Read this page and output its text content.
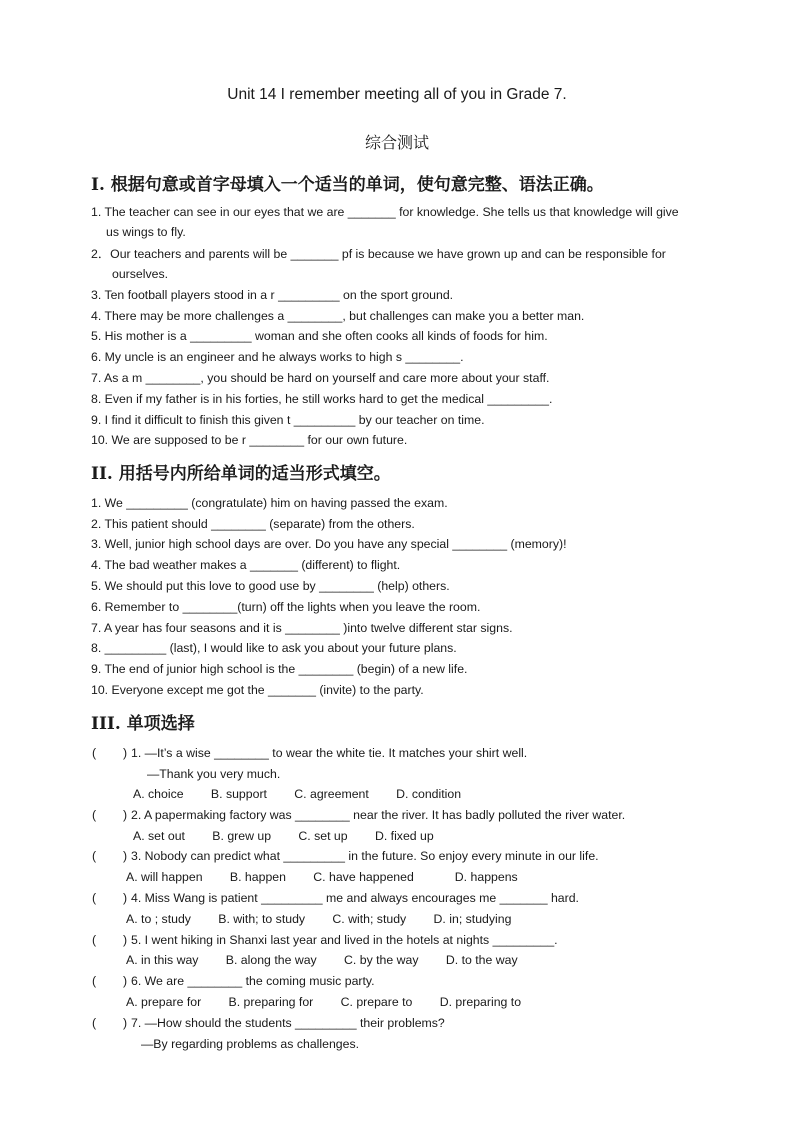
Unit 14 I remember meeting all of you in Grade 7.
综合测试
I. 根据句意或首字母填入一个适当的单词，使句意完整、语法正确。
1. The teacher can see in our eyes that we are _______ for knowledge. She tells us that knowledge will give
us wings to fly.
2．Our teachers and parents will be _______ pf is because we have grown up and can be responsible for
ourselves.
3. Ten football players stood in a r _________ on the sport ground.
4. There may be more challenges a ________, but challenges can make you a better man.
5. His mother is a _________ woman and she often cooks all kinds of foods for him.
6. My uncle is an engineer and he always works to high s ________.
7. As a m ________, you should be hard on yourself and care more about your staff.
8. Even if my father is in his forties, he still works hard to get the medical _________.
9. I find it difficult to finish this given t _________ by our teacher on time.
10. We are supposed to be r ________ for our own future.
II. 用括号内所给单词的适当形式填空。
1. We _________ (congratulate) him on having passed the exam.
2. This patient should ________ (separate) from the others.
3. Well, junior high school days are over. Do you have any special ________ (memory)!
4. The bad weather makes a _______ (different) to flight.
5. We should put this love to good use by ________ (help) others.
6. Remember to ________(turn) off the lights when you leave the room.
7. A year has four seasons and it is ________ )into twelve different star signs.
8. _________ (last), I would like to ask you about your future plans.
9. The end of junior high school is the ________ (begin) of a new life.
10. Everyone except me got the _______ (invite) to the party.
III. 单项选择
( ) 1. —It’s a wise ________ to wear the white tie. It matches your shirt well.
—Thank you very much.
A. choice        B. support        C. agreement        D. condition
( ) 2. A papermaking factory was ________ near the river. It has badly polluted the river water.
A. set out        B. grew up        C. set up        D. fixed up
( ) 3. Nobody can predict what _________ in the future. So enjoy every minute in our life.
A. will happen        B. happen        C. have happened            D. happens
( ) 4. Miss Wang is patient _________ me and always encourages me _______ hard.
A. to ; study        B. with; to study        C. with; study        D. in; studying
( ) 5. I went hiking in Shanxi last year and lived in the hotels at nights _________.
A. in this way        B. along the way        C. by the way        D. to the way
( ) 6. We are ________ the coming music party.
A. prepare for        B. preparing for        C. prepare to        D. preparing to
( ) 7. —How should the students _________ their problems?
—By regarding problems as challenges.
